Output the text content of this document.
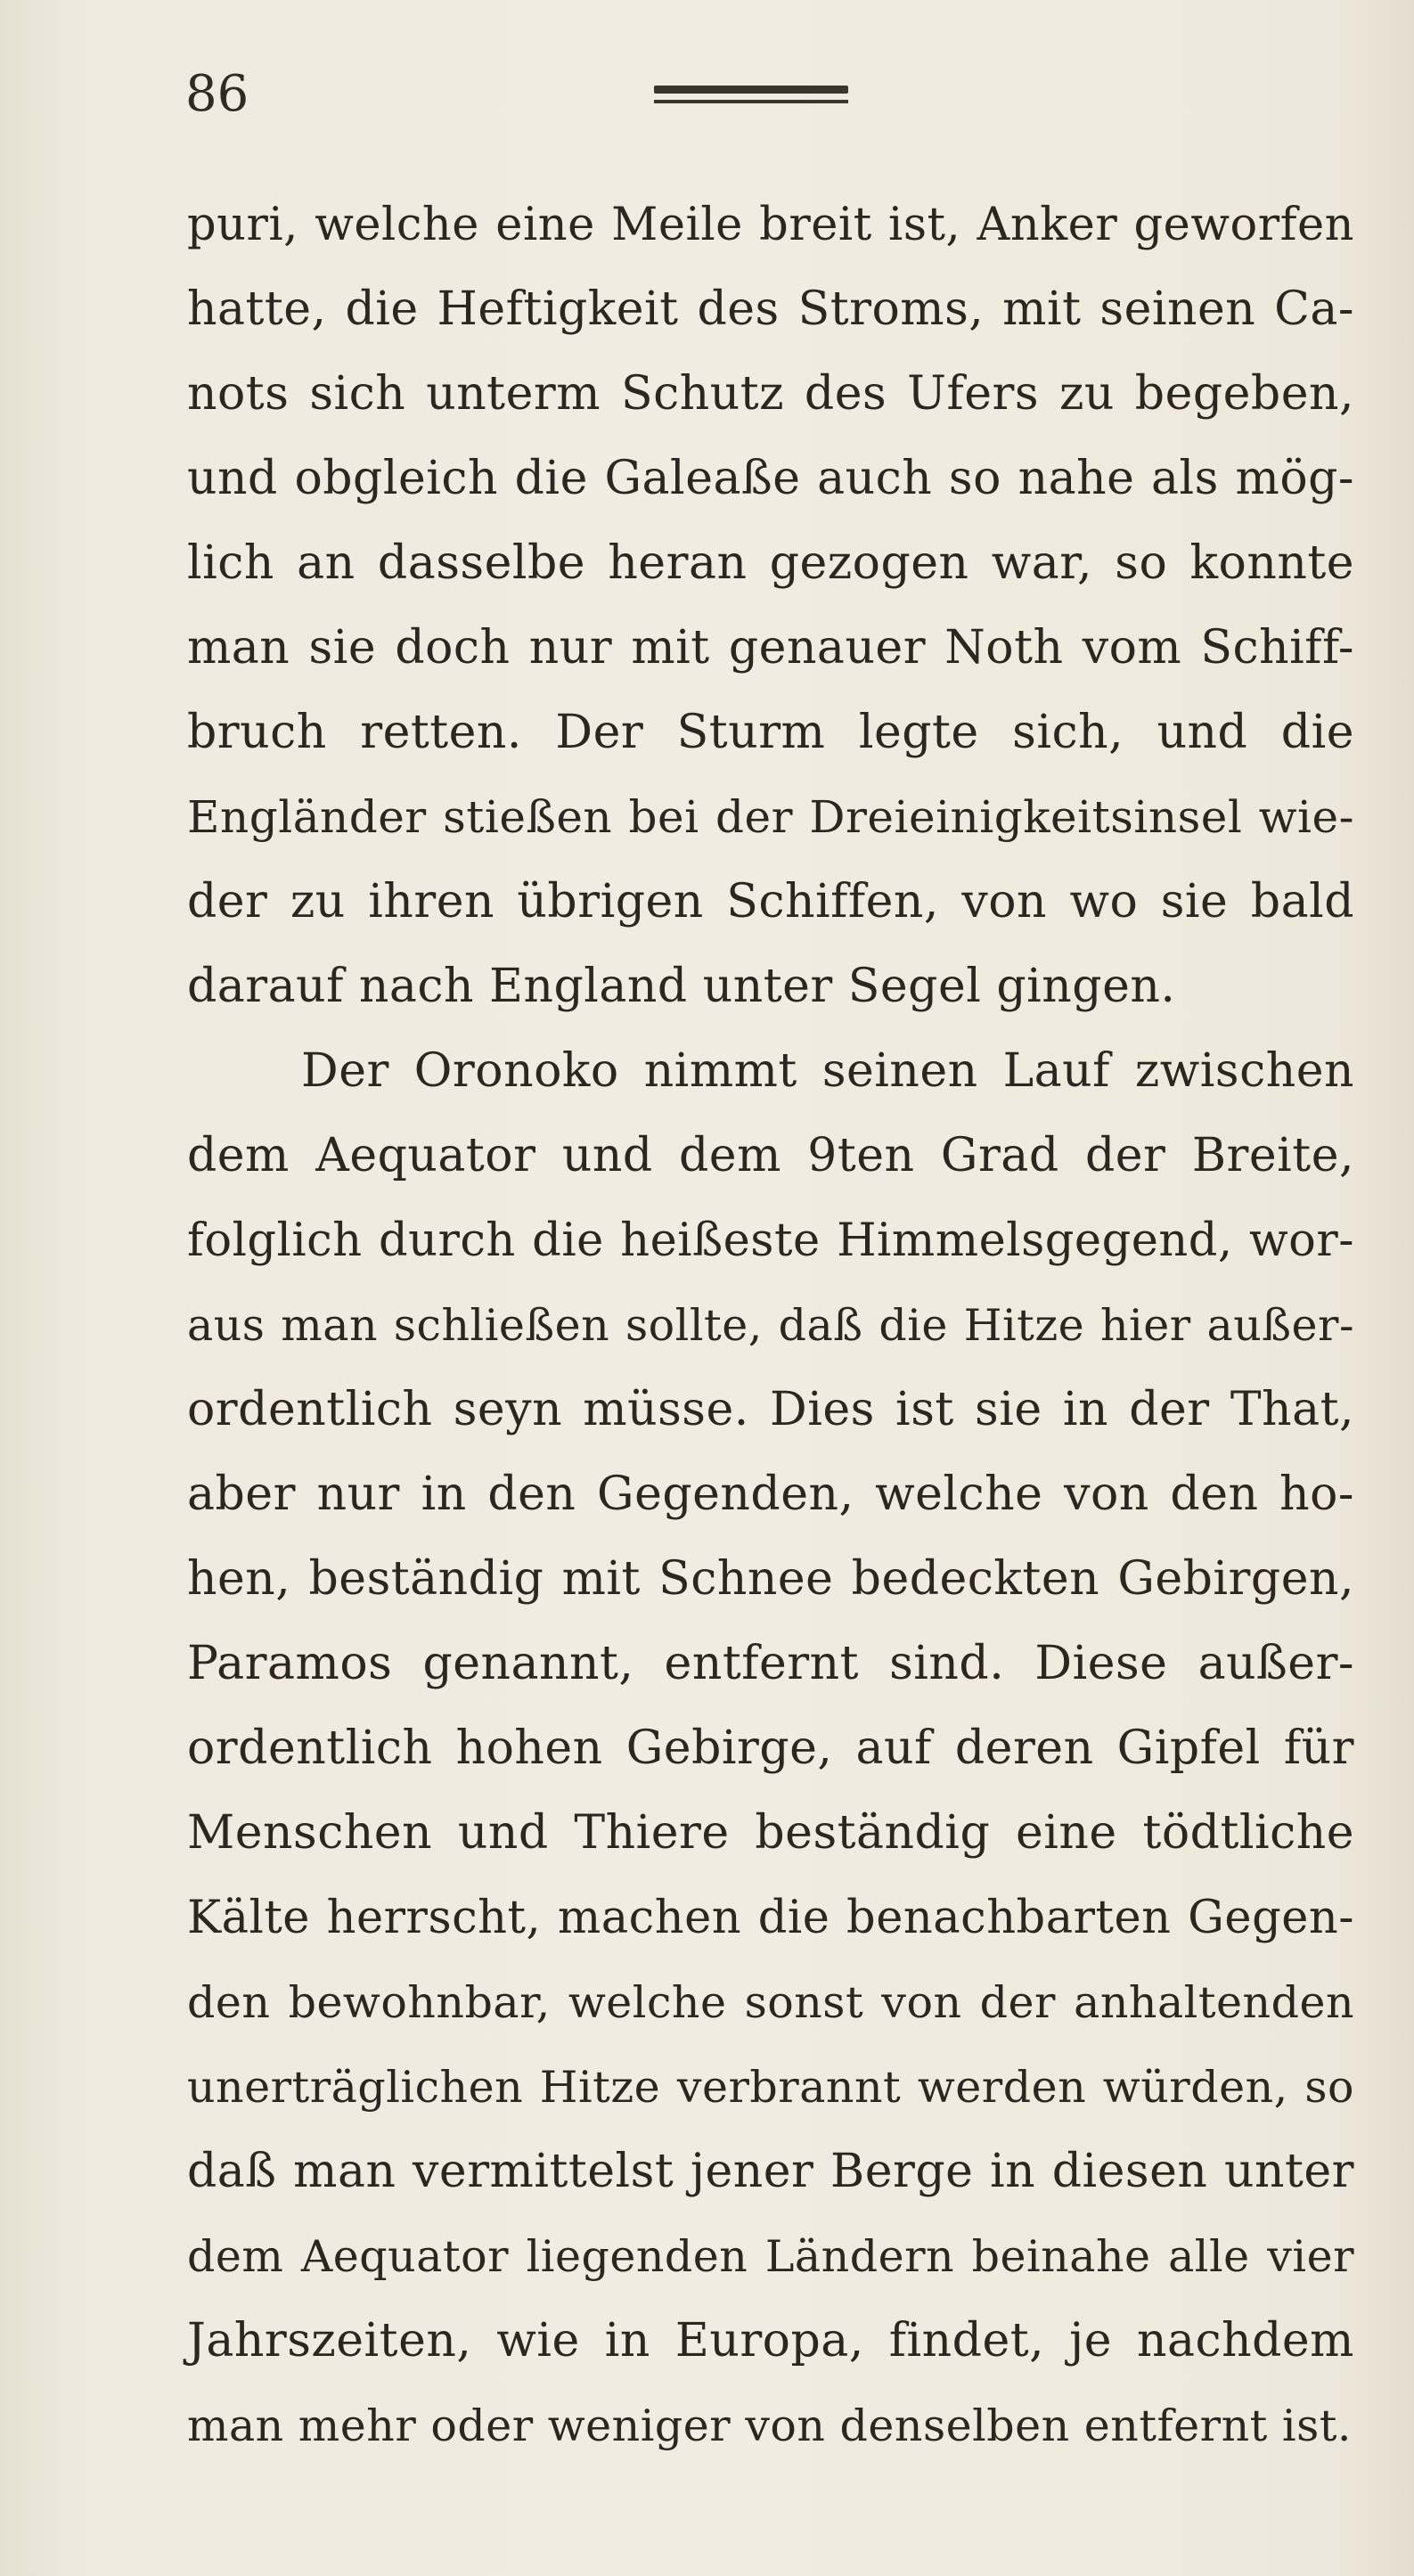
86
puri, welche eine Meile breit ist, Anker geworfen
hatte, die Heftigkeit des Stroms, mit seinen Ca-
nots sich unterm Schutz des Ufers zu begeben,
und obgleich die Galeaße auch so nahe als mög-
lich an dasselbe heran gezogen war, so konnte
man sie doch nur mit genauer Noth vom Schiff-
bruch retten. Der Sturm legte sich, und die
Engländer stießen bei der Dreieinigkeitsinsel wie-
der zu ihren übrigen Schiffen, von wo sie bald
darauf nach England unter Segel gingen.
Der Oronoko nimmt seinen Lauf zwischen
dem Aequator und dem 9ten Grad der Breite,
folglich durch die heißeste Himmelsgegend, wor-
aus man schließen sollte, daß die Hitze hier außer-
ordentlich seyn müsse. Dies ist sie in der That,
aber nur in den Gegenden, welche von den ho-
hen, beständig mit Schnee bedeckten Gebirgen,
Paramos genannt, entfernt sind. Diese außer-
ordentlich hohen Gebirge, auf deren Gipfel für
Menschen und Thiere beständig eine tödtliche
Kälte herrscht, machen die benachbarten Gegen-
den bewohnbar, welche sonst von der anhaltenden
unerträglichen Hitze verbrannt werden würden, so
daß man vermittelst jener Berge in diesen unter
dem Aequator liegenden Ländern beinahe alle vier
Jahrszeiten, wie in Europa, findet, je nachdem
man mehr oder weniger von denselben entfernt ist.
